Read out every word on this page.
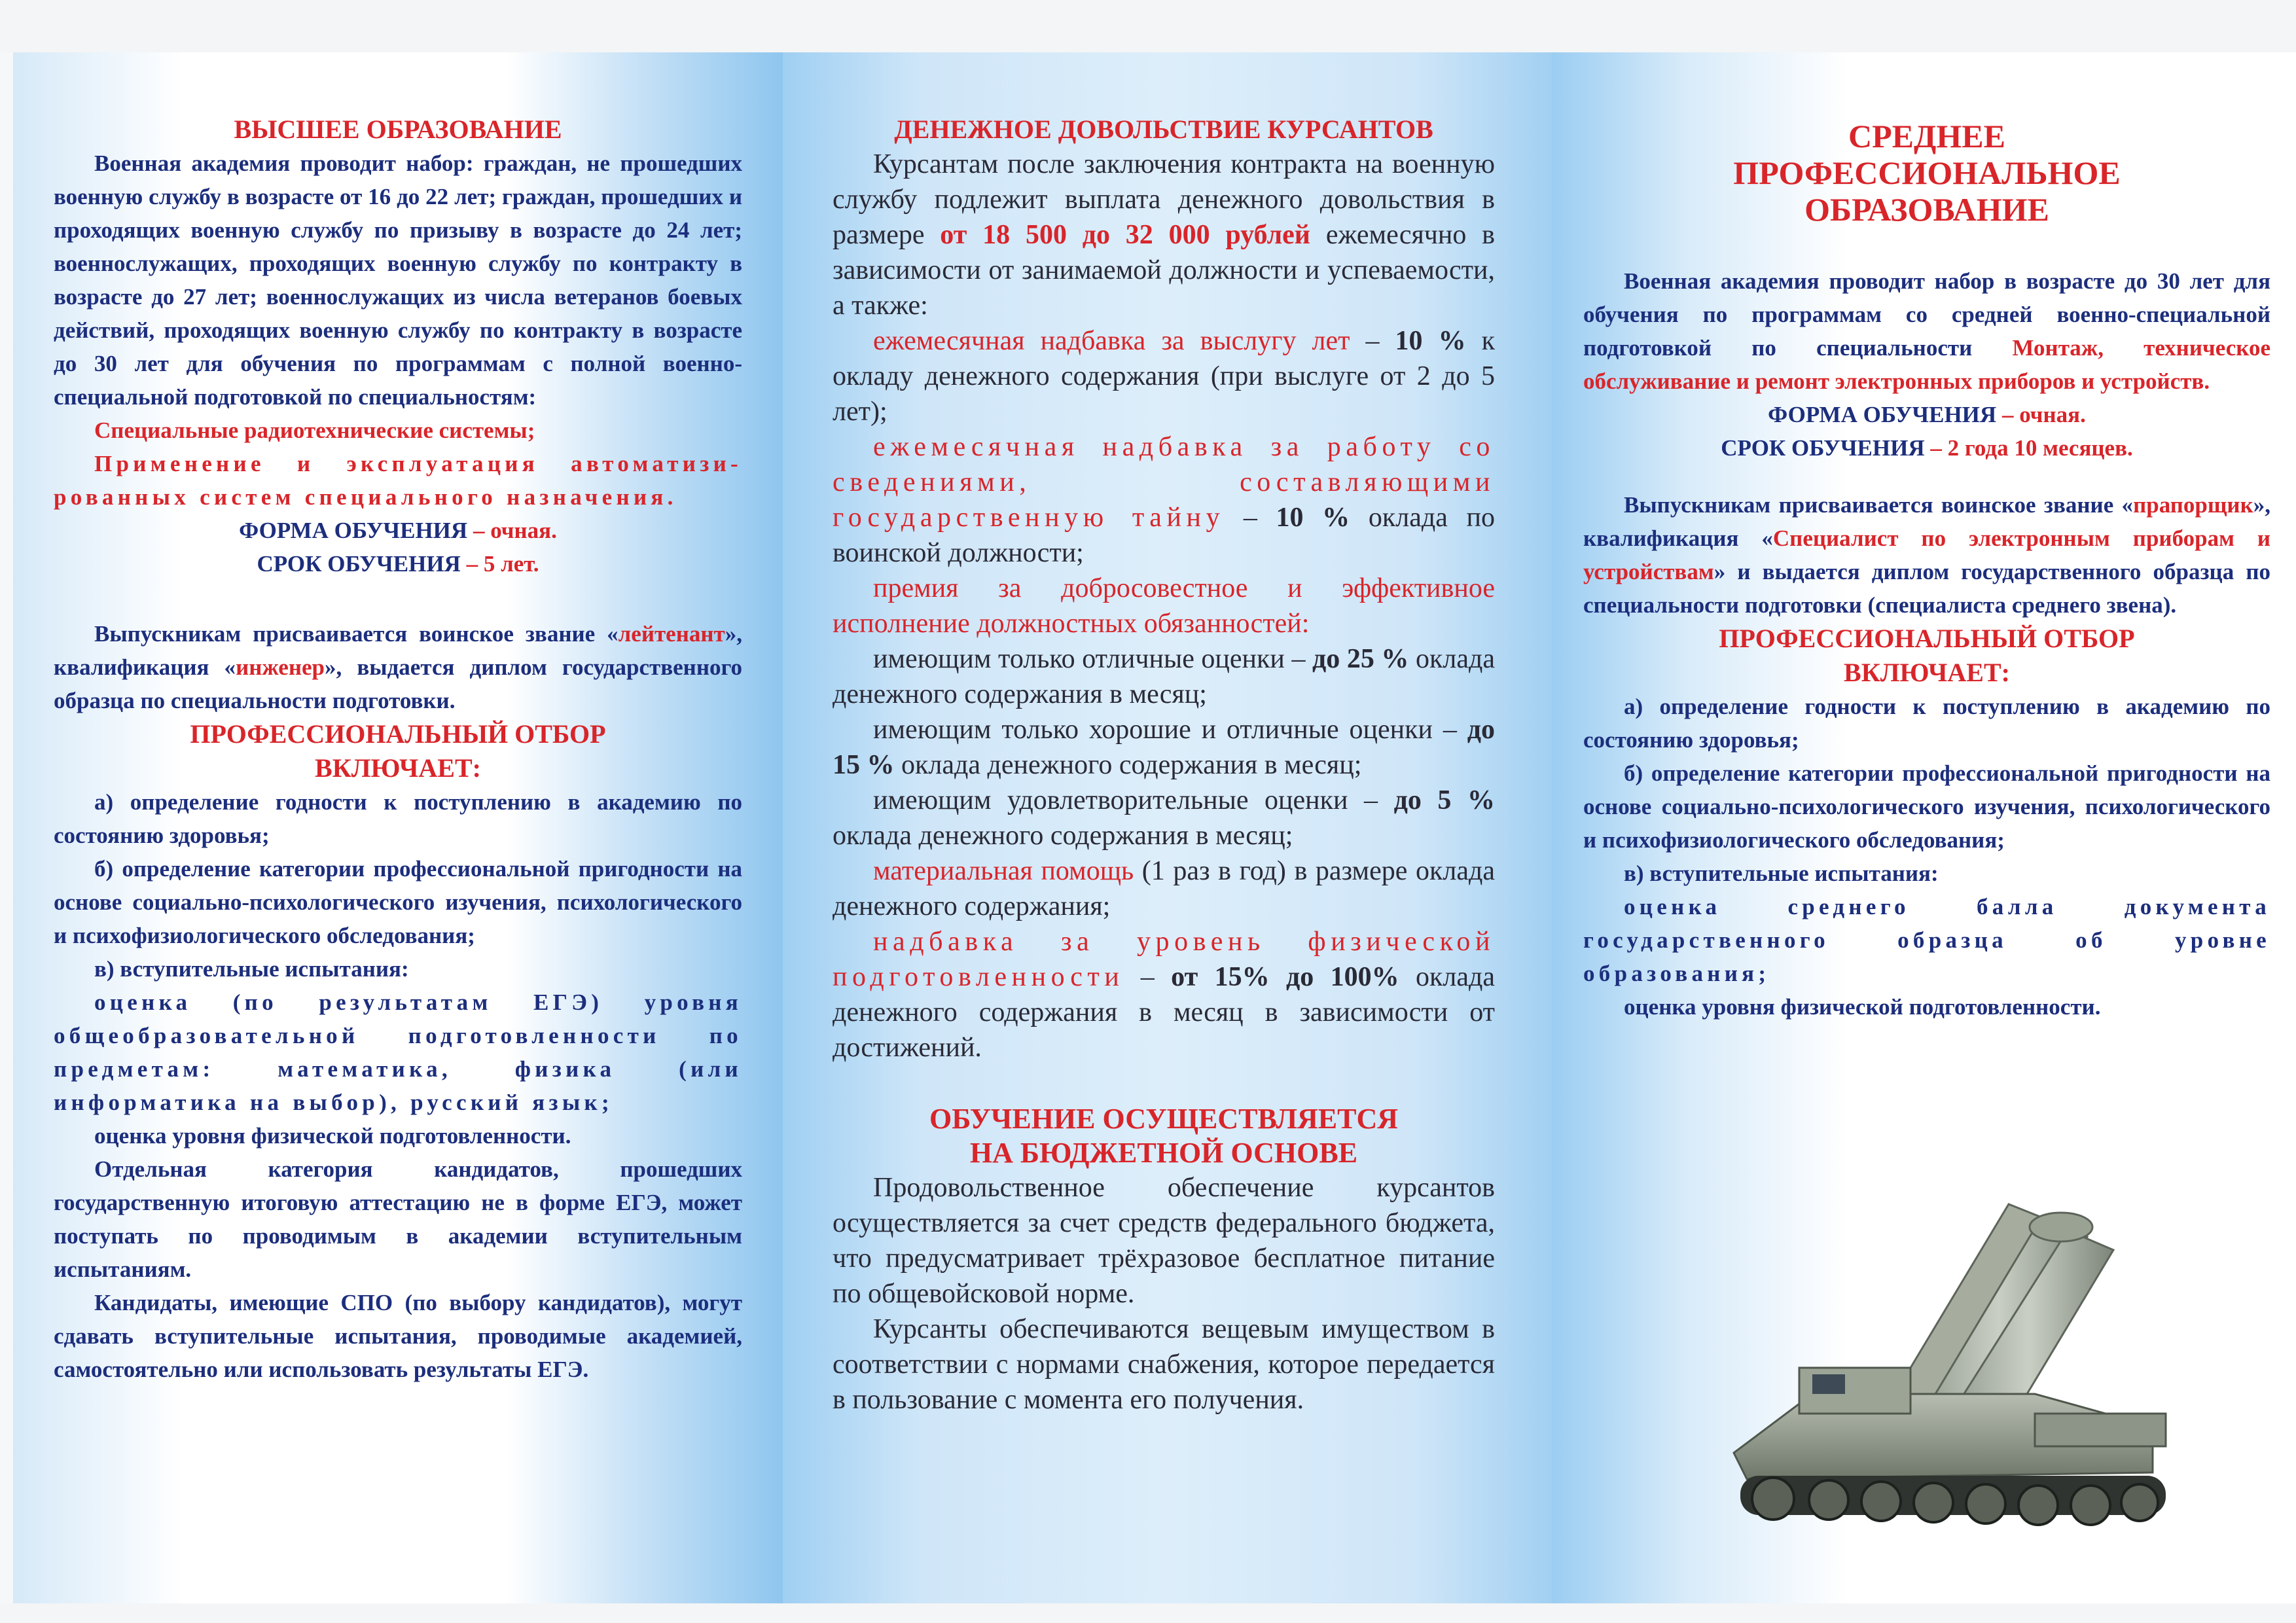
ВЫСШЕЕ ОБРАЗОВАНИЕ

Военная академия проводит набор: граждан, не прошедших военную службу в возрасте от 16 до 22 лет; граждан, прошедших и проходящих военную службу по призыву в возрасте до 24 лет; военнослужащих, проходящих военную службу по контракту в возрасте до 27 лет; военнослужащих из числа ветеранов боевых действий, проходящих военную службу по контракту в возрасте до 30 лет для обучения по программам с полной военно-специальной подготовкой по специальностям:

Специальные радиотехнические системы;

Применение и эксплуатация автоматизи-рованных систем специального назначения.

ФОРМА ОБУЧЕНИЯ – очная.

СРОК ОБУЧЕНИЯ – 5 лет.

Выпускникам присваивается воинское звание «лейтенант», квалификация «инженер», выдается диплом государственного образца по специальности подготовки.

ПРОФЕССИОНАЛЬНЫЙ ОТБОР
ВКЛЮЧАЕТ:

а) определение годности к поступлению в академию по состоянию здоровья;

б) определение категории профессиональной пригодности на основе социально-психологического изучения, психологического и психофизиологического обследования;

в) вступительные испытания:

оценка (по результатам ЕГЭ) уровня общеобразовательной подготовленности по предметам: математика, физика (или информатика на выбор), русский язык;

оценка уровня физической подготовленности.

Отдельная категория кандидатов, прошедших государственную итоговую аттестацию не в форме ЕГЭ, может поступать по проводимым в академии вступительным испытаниям.

Кандидаты, имеющие СПО (по выбору кандидатов), могут сдавать вступительные испытания, проводимые академией, самостоятельно или использовать результаты ЕГЭ.

ДЕНЕЖНОЕ ДОВОЛЬСТВИЕ КУРСАНТОВ

Курсантам после заключения контракта на военную службу подлежит выплата денежного довольствия в размере от 18 500 до 32 000 рублей ежемесячно в зависимости от занимаемой должности и успеваемости, а также:

ежемесячная надбавка за выслугу лет – 10 % к окладу денежного содержания (при выслуге от 2 до 5 лет);

ежемесячная надбавка за работу со сведениями, составляющими государственную тайну – 10 % оклада по воинской должности;

премия за добросовестное и эффективное исполнение должностных обязанностей:

имеющим только отличные оценки – до 25 % оклада денежного содержания в месяц;

имеющим только хорошие и отличные оценки – до 15 % оклада денежного содержания в месяц;

имеющим удовлетворительные оценки – до 5 % оклада денежного содержания в месяц;

материальная помощь (1 раз в год) в размере оклада денежного содержания;

надбавка за уровень физической подготовленности – от 15% до 100% оклада денежного содержания в месяц в зависимости от достижений.

ОБУЧЕНИЕ ОСУЩЕСТВЛЯЕТСЯ
НА БЮДЖЕТНОЙ ОСНОВЕ

Продовольственное обеспечение курсантов осуществляется за счет средств федерального бюджета, что предусматривает трёхразовое бесплатное питание по общевойсковой норме.

Курсанты обеспечиваются вещевым имуществом в соответствии с нормами снабжения, которое передается в пользование с момента его получения.

СРЕДНЕЕ
ПРОФЕССИОНАЛЬНОЕ
ОБРАЗОВАНИЕ

Военная академия проводит набор в возрасте до 30 лет для обучения по программам со средней военно-специальной подготовкой по специальности Монтаж, техническое обслуживание и ремонт электронных приборов и устройств.

ФОРМА ОБУЧЕНИЯ – очная.

СРОК ОБУЧЕНИЯ – 2 года 10 месяцев.

Выпускникам присваивается воинское звание «прапорщик», квалификация «Специалист по электронным приборам и устройствам» и выдается диплом государственного образца по специальности подготовки (специалиста среднего звена).

ПРОФЕССИОНАЛЬНЫЙ ОТБОР
ВКЛЮЧАЕТ:

а) определение годности к поступлению в академию по состоянию здоровья;

б) определение категории профессиональной пригодности на основе социально-психологического изучения, психологического и психофизиологического обследования;

в) вступительные испытания:

оценка среднего балла документа государственного образца об уровне образования;

оценка уровня физической подготовленности.
